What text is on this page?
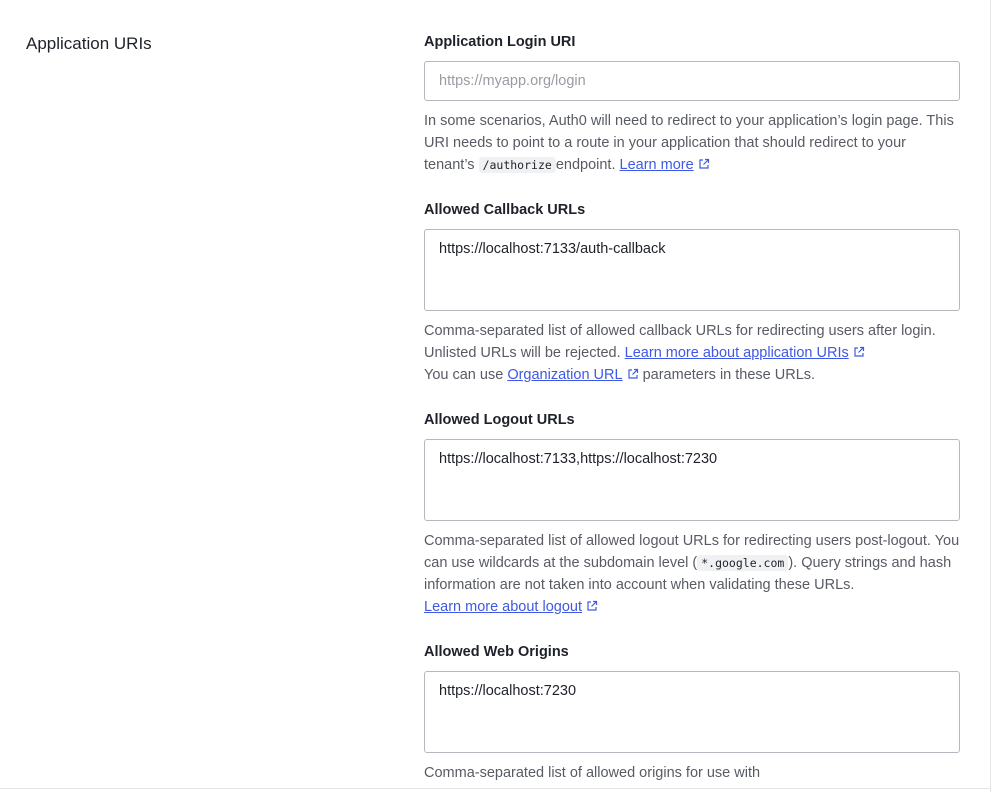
Application URIs	Application Login URI
https://myapp.org/login
In some scenarios, Auth0 will need to redirect to your application’s login page. This URI needs to point to a route in your application that should redirect to your tenant’s /authorize endpoint. Learn more
Allowed Callback URLs
https://localhost:7133/auth-callback
Comma-separated list of allowed callback URLs for redirecting users after login. Unlisted URLs will be rejected. Learn more about application URIs
You can use Organization URL parameters in these URLs.
Allowed Logout URLs
https://localhost:7133,https://localhost:7230
Comma-separated list of allowed logout URLs for redirecting users post-logout. You can use wildcards at the subdomain level ( *.google.com ). Query strings and hash information are not taken into account when validating these URLs.
Learn more about logout
Allowed Web Origins
https://localhost:7230
Comma-separated list of allowed origins for use with
